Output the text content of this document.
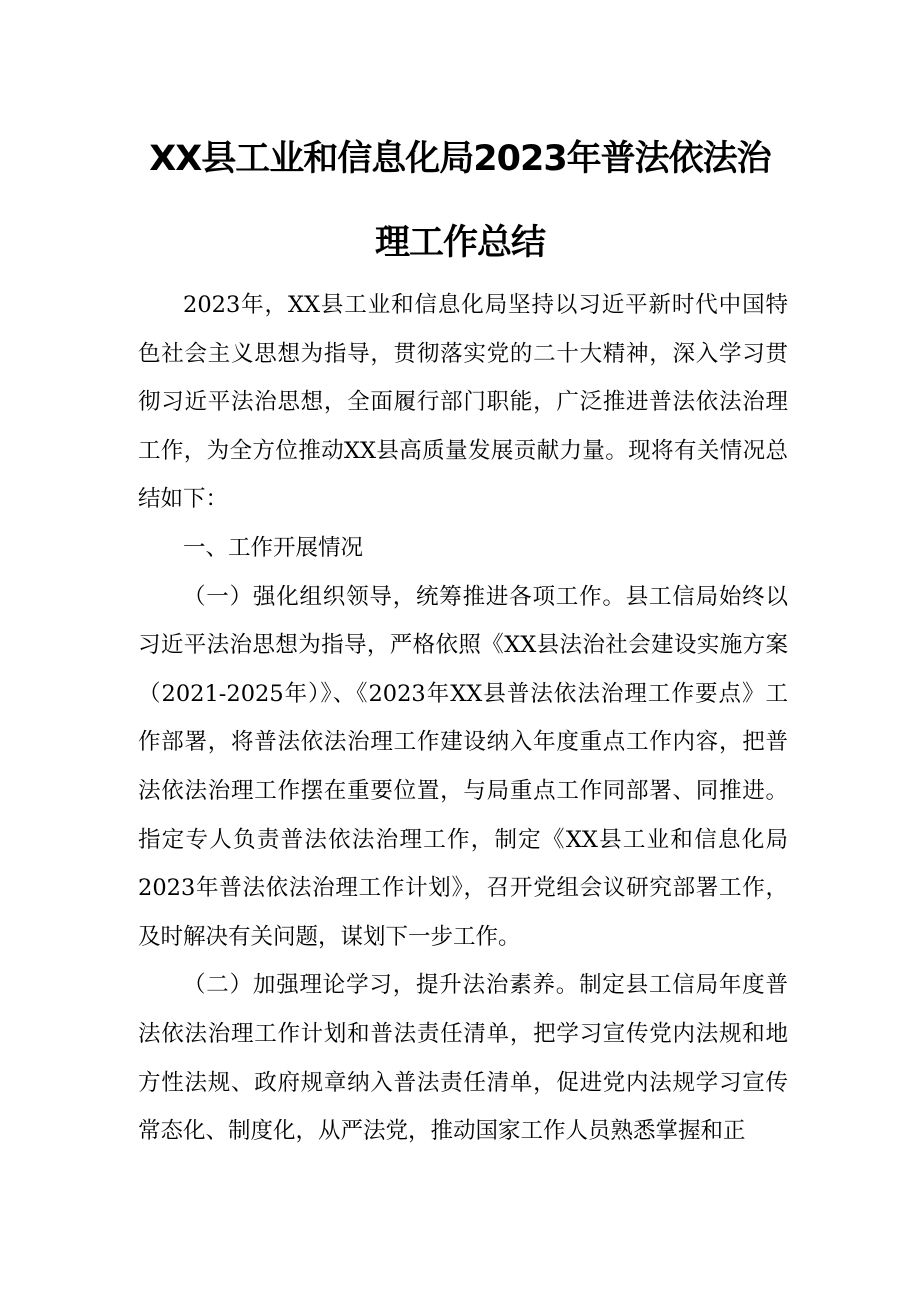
XX县工业和信息化局2023年普法依法治
理工作总结

2023年，XX县工业和信息化局坚持以习近平新时代中国特色社会主义思想为指导，贯彻落实党的二十大精神，深入学习贯彻习近平法治思想，全面履行部门职能，广泛推进普法依法治理工作，为全方位推动XX县高质量发展贡献力量。现将有关情况总结如下：

一、工作开展情况

（一）强化组织领导，统筹推进各项工作。县工信局始终以习近平法治思想为指导，严格依照《XX县法治社会建设实施方案（2021-2025年）》、《2023年XX县普法依法治理工作要点》工作部署，将普法依法治理工作建设纳入年度重点工作内容，把普法依法治理工作摆在重要位置，与局重点工作同部署、同推进。指定专人负责普法依法治理工作，制定《XX县工业和信息化局2023年普法依法治理工作计划》，召开党组会议研究部署工作，及时解决有关问题，谋划下一步工作。

（二）加强理论学习，提升法治素养。制定县工信局年度普法依法治理工作计划和普法责任清单，把学习宣传党内法规和地方性法规、政府规章纳入普法责任清单，促进党内法规学习宣传常态化、制度化，从严法党，推动国家工作人员熟悉掌握和正
